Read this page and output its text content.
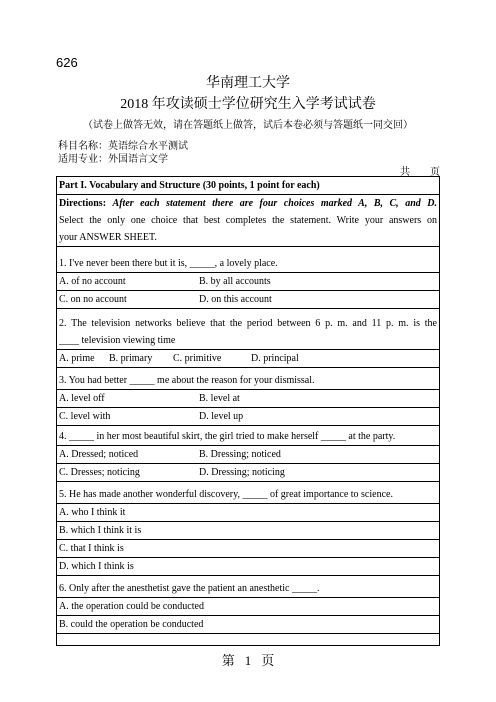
626
华南理工大学
2018 年攻读硕士学位研究生入学考试试卷
（试卷上做答无效，请在答题纸上做答，试后本卷必须与答题纸一同交回）
科目名称：英语综合水平测试
适用专业：外国语言文学
共 页
Part I. Vocabulary and Structure (30 points, 1 point for each)
Directions: After each statement there are four choices marked A, B, C, and D.
Select the only one choice that best completes the statement. Write your answers on
your ANSWER SHEET.
1. I've never been there but it is, _____, a lovely place.
A. of no account	B. by all accounts
C. on no account	D. on this account
2. The television networks believe that the period between 6 p. m. and 11 p. m. is the
____ television viewing time
A. prime B. primary C. primitive	D. principal
3. You had better _____ me about the reason for your dismissal.
A. level off	B. level at
C. level with	D. level up
4. _____ in her most beautiful skirt, the girl tried to make herself _____ at the party.
A. Dressed; noticed	B. Dressing; noticed
C. Dresses; noticing	D. Dressing; noticing
5. He has made another wonderful discovery, _____ of great importance to science.
A. who I think it
B. which I think it is
C. that I think is
D. which I think is
6. Only after the anesthetist gave the patient an anesthetic _____.
A. the operation could be conducted
B. could the operation be conducted
第 1 页
